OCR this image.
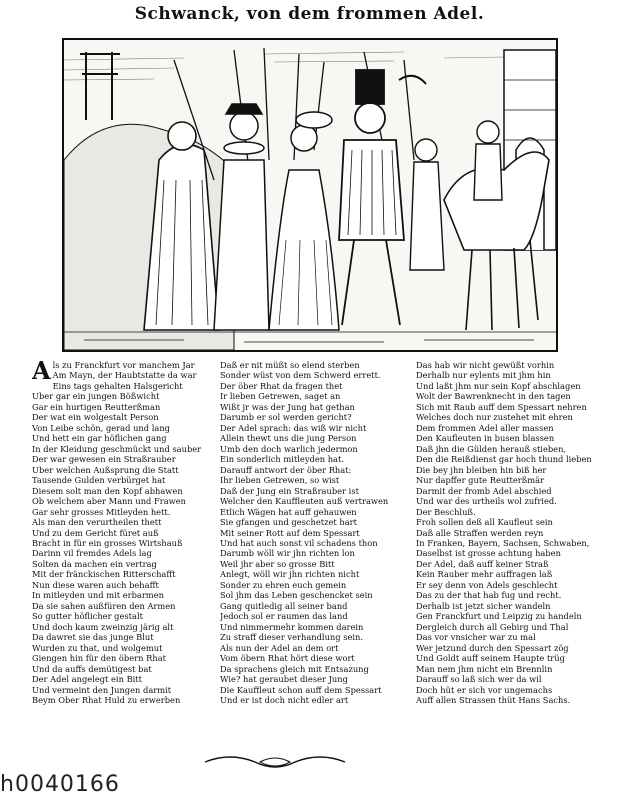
Schwanck, von dem frommen Adel.
A ls zu Franckfurt vor manchem Jar
Am Mayn, der Haubtstatte da war
Eins tags gehalten Halsgericht
Uber gar ein jungen Bößwicht
Gar ein hurtigen Reutterßman
Der wat ein wolgestalt Person
Von Leibe schön, gerad und lang
Und hett ein gar höflichen gang
In der Kleidung geschmückt und sauber
Der war gewesen ein Straßrauber
Uber welchen Außsprung die Statt
Tausende Gulden verbürget hat
Diesem solt man den Kopf abhawen
Ob welchem aber Mann und Frawen
Gar sehr grosses Mitleyden hett.
Als man den verurtheilen thett
Und zu dem Gericht füret auß
Bracht in für ein grosses Wirtshauß
Darinn vil fremdes Adels lag
Solten da machen ein vertrag
Mit der fränckischen Ritterschafft
Nun diese waren auch behafft
In mitleyden und mit erbarmen
Da sie sahen außfüren den Armen
So gutter höflicher gestalt
Und doch kaum zweinzig järig alt
Da dawret sie das junge Blut
Wurden zu that, und wolgemut
Giengen hin für den öbern Rhat
Und da auffs demütigest bat
Der Adel angelegt ein Bitt
Und vermeint den Jungen darmit
Beym Ober Rhat Huld zu erwerben
Daß er nit müßt so elend sterben
Sonder wüst von dem Schwerd errett.
Der öber Rhat da fragen thet
Ir lieben Getrewen, saget an
Wißt jr was der Jung hat gethan
Darumb er sol werden gericht?
Der Adel sprach: das wiß wir nicht
Allein thewt uns die jung Person
Umb den doch warlich jedermon
Ein sonderlich mitleyden hat.
Darauff antwort der öber Rhat:
Ihr lieben Getrewen, so wist
Daß der Jung ein Straßrauber ist
Welcher den Kauffleuten auß vertrawen
Etlich Wägen hat auff gehauwen
Sie gfangen und geschetzet hart
Mit seiner Rott auf dem Spessart
Und hat auch sonst vil schadens thon
Darumb wöll wir jhn richten lon
Weil jhr aber so grosse Bitt
Anlegt, wöll wir jhn richten nicht
Sonder zu ehren euch gemein
Sol jhm das Leben geschencket sein
Gang quitledig all seiner band
Jedoch sol er raumen das land
Und nimmermehr kommen darein
Zu straff dieser verhandlung sein.
Als nun der Adel an dem ort
Vom öbern Rhat hört diese wort
Da sprachens gleich mit Entsazung
Wie? hat geraubet dieser Jung
Die Kauffleut schon auff dem Spessart
Und er ist doch nicht edler art
Das hab wir nicht gewüßt vorhin
Derhalb nur eylents mit jhm hin
Und laßt jhm nur sein Kopf abschlagen
Wolt der Bawrenknecht in den tagen
Sich mit Raub auff dem Spessart nehren
Welches doch nur zustehet mit ehren
Dem frommen Adel aller massen
Den Kaufleuten in busen blassen
Daß jhn die Gülden herauß stieben,
Den die Reißdienst gar hoch thund lieben
Die bey jhn bleiben hin biß her
Nur dapffer gute Reutterßmär
Darmit der fromb Adel abschied
Und war des urtheils wol zufried.
Der Beschluß.
Froh sollen deß all Kaufleut sein
Daß alle Straffen werden reyn
In Franken, Bayern, Sachsen, Schwaben,
Daselbst ist grosse achtung haben
Der Adel, daß auff keiner Straß
Kein Rauber mehr auffragen laß
Er sey denn von Adels geschlecht
Das zu der that hab fug und recht.
Derhalb ist jetzt sicher wandeln
Gen Franckfurt und Leipzig zu handeln
Dergleich durch all Gebirg und Thal
Das vor vnsicher war zu mal
Wer jetzund durch den Spessart zög
Und Goldt auff seinem Haupte trüg
Man nem jhm nicht ein Brennlin
Darauff so laß sich wer da wil
Doch hüt er sich vor ungemachs
Auff allen Strassen thüt Hans Sachs.
h0040166
